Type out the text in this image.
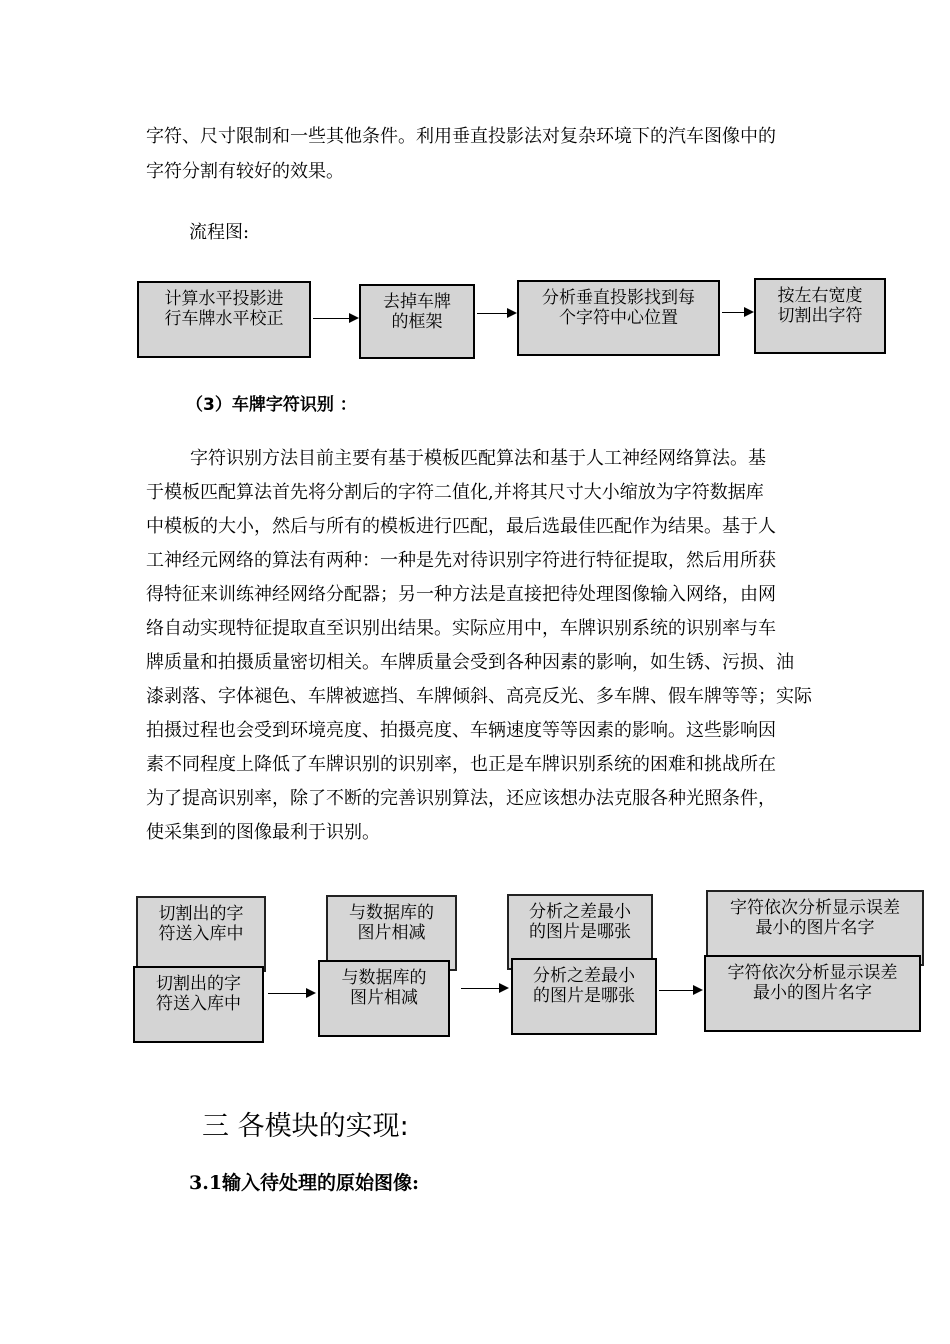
字符、尺寸限制和一些其他条件。利用垂直投影法对复杂环境下的汽车图像中的

字符分割有较好的效果。

流程图:

计算水平投影进
行车牌水平校正
去掉车牌
的框架
分析垂直投影找到每
个字符中心位置
按左右宽度
切割出字符

（3）车牌字符识别 ：

字符识别方法目前主要有基于模板匹配算法和基于人工神经网络算法。基

于模板匹配算法首先将分割后的字符二值化,并将其尺寸大小缩放为字符数据库

中模板的大小，然后与所有的模板进行匹配，最后选最佳匹配作为结果。基于人

工神经元网络的算法有两种：一种是先对待识别字符进行特征提取，然后用所获

得特征来训练神经网络分配器；另一种方法是直接把待处理图像输入网络，由网

络自动实现特征提取直至识别出结果。实际应用中，车牌识别系统的识别率与车

牌质量和拍摄质量密切相关。车牌质量会受到各种因素的影响，如生锈、污损、油

漆剥落、字体褪色、车牌被遮挡、车牌倾斜、高亮反光、多车牌、假车牌等等；实际

拍摄过程也会受到环境亮度、拍摄亮度、车辆速度等等因素的影响。这些影响因

素不同程度上降低了车牌识别的识别率，也正是车牌识别系统的困难和挑战所在

为了提高识别率，除了不断的完善识别算法，还应该想办法克服各种光照条件，

使采集到的图像最利于识别。

切割出的字
符送入库中
与数据库的
图片相减
分析之差最小
的图片是哪张
字符依次分析显示误差
最小的图片名字
切割出的字
符送入库中
与数据库的
图片相减
分析之差最小
的图片是哪张
字符依次分析显示误差
最小的图片名字
三 各模块的实现:
3.1输入待处理的原始图像:
